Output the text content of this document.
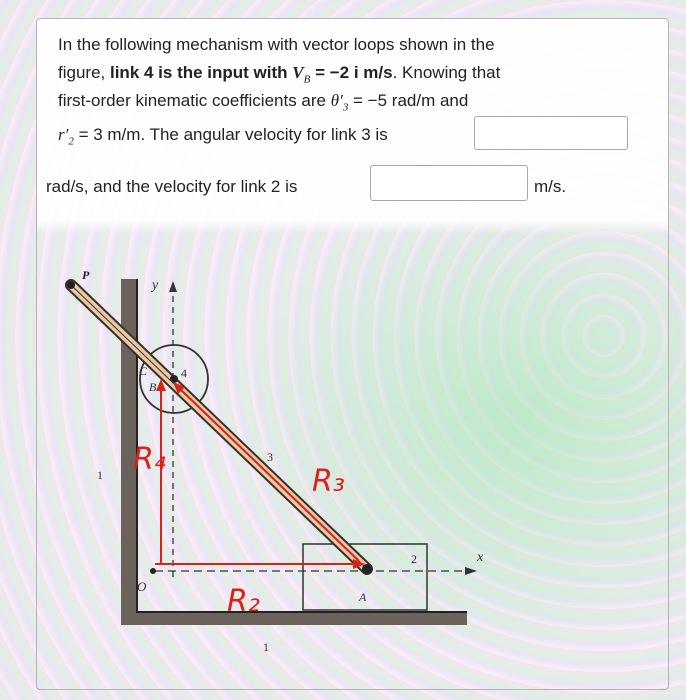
In the following mechanism with vector loops shown in the
figure, link 4 is the input with $V_B = -2$ i m/s. Knowing that
first-order kinematic coefficients are $\theta'_3 = -5$ rad/m and
$r'_2 = 3$ m/m. The angular velocity for link 3 is
rad/s, and the velocity for link 2 is	m/s.
y
x
2
4
3
P
A
B
C
O
1
1
R₄
R₂
R₃
